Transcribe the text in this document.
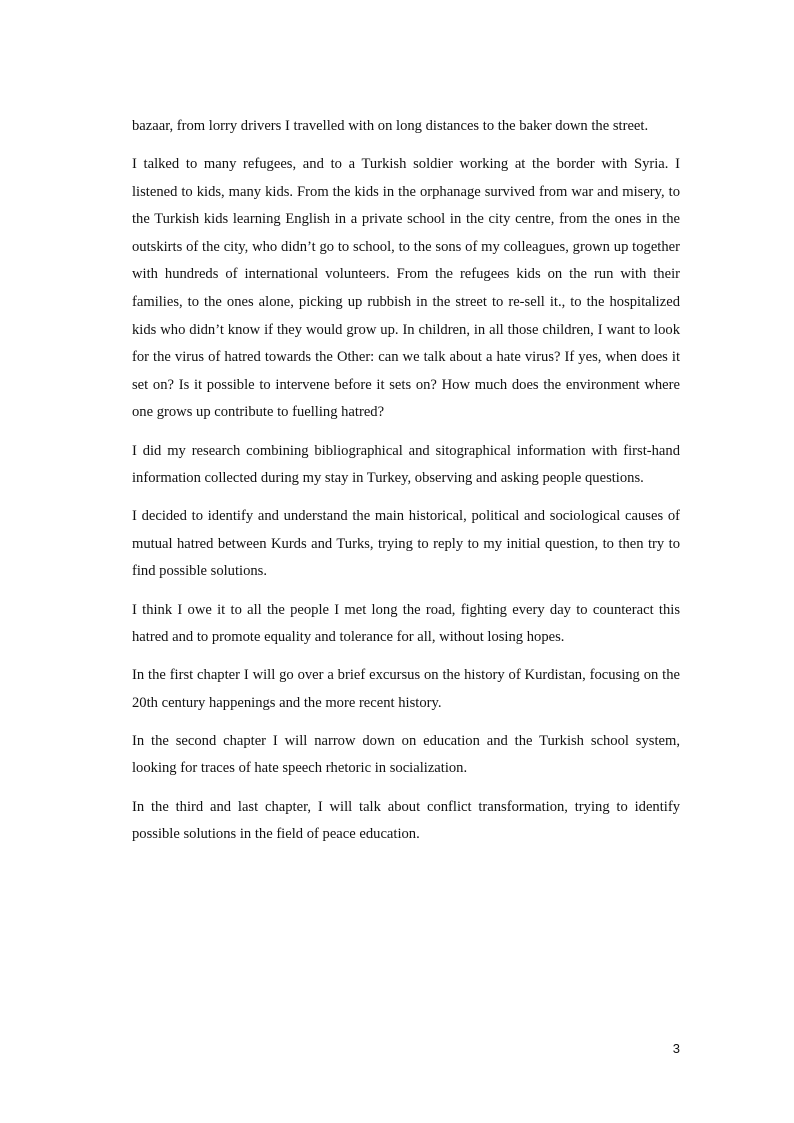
bazaar, from lorry drivers I travelled with on long distances to the baker down the street.

I talked to many refugees, and to a Turkish soldier working at the border with Syria. I listened to kids, many kids. From the kids in the orphanage survived from war and misery, to the Turkish kids learning English in a private school in the city centre, from the ones in the outskirts of the city, who didn’t go to school, to the sons of my colleagues, grown up together with hundreds of international volunteers. From the refugees kids on the run with their families, to the ones alone, picking up rubbish in the street to re-sell it., to the hospitalized kids who didn’t know if they would grow up. In children, in all those children, I want to look for the virus of hatred towards the Other: can we talk about a hate virus? If yes, when does it set on? Is it possible to intervene before it sets on? How much does the environment where one grows up contribute to fuelling hatred?

I did my research combining bibliographical and sitographical information with first-hand information collected during my stay in Turkey, observing and asking people questions.

I decided to identify and understand the main historical, political and sociological causes of mutual hatred between Kurds and Turks, trying to reply to my initial question, to then try to find possible solutions.

I think I owe it to all the people I met long the road, fighting every day to counteract this hatred and to promote equality and tolerance for all, without losing hopes.

In the first chapter I will go over a brief excursus on the history of Kurdistan, focusing on the 20th century happenings and the more recent history.

In the second chapter I will narrow down on education and the Turkish school system, looking for traces of hate speech rhetoric in socialization.

In the third and last chapter, I will talk about conflict transformation, trying to identify possible solutions in the field of peace education.

3
